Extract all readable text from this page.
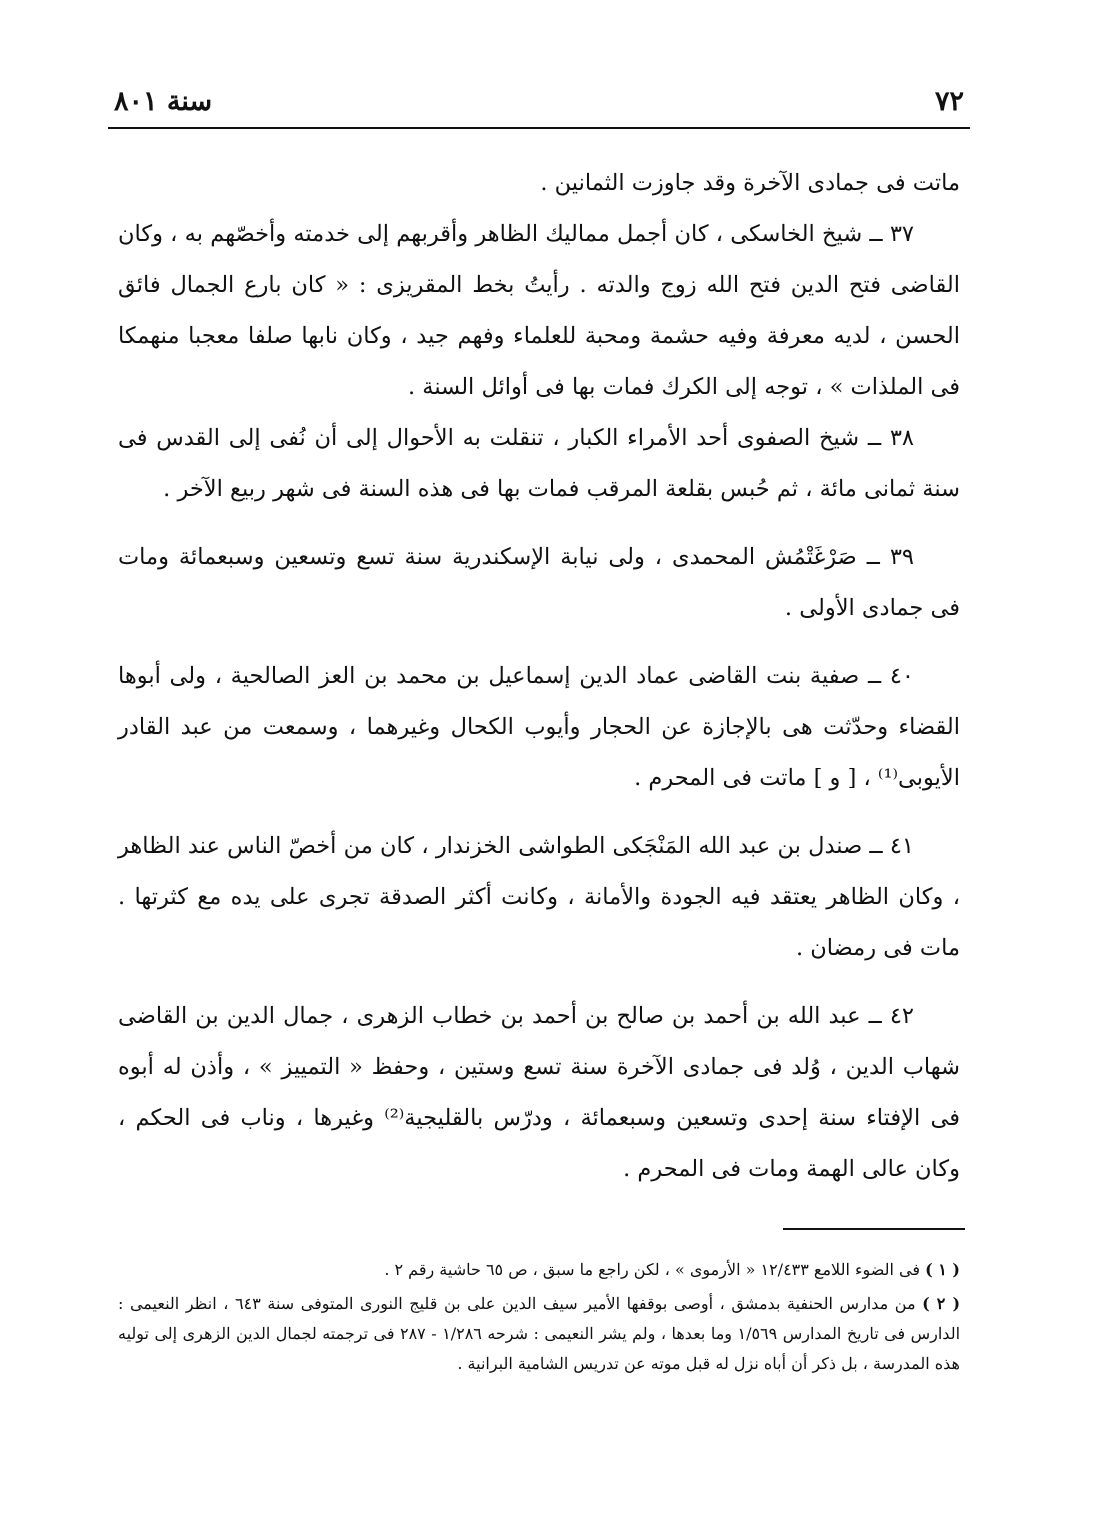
٧٢
سنة ٨٠١

ماتت فى جمادى الآخرة وقد جاوزت الثمانين .

٣٧ ــ شيخ الخاسكى ، كان أجمل مماليك الظاهر وأقربهم إلى خدمته وأخصّهم به ، وكان القاضى فتح الدين فتح الله زوج والدته . رأيتُ بخط المقريزى : « كان بارع الجمال فائق الحسن ، لديه معرفة وفيه حشمة ومحبة للعلماء وفهم جيد ، وكان نابها صلفا معجبا منهمكا فى الملذات » ، توجه إلى الكرك فمات بها فى أوائل السنة .

٣٨ ــ شيخ الصفوى أحد الأمراء الكبار ، تنقلت به الأحوال إلى أن نُفى إلى القدس فى سنة ثمانى مائة ، ثم حُبس بقلعة المرقب فمات بها فى هذه السنة فى شهر ربيع الآخر .

٣٩ ــ صَرْغَتْمُش المحمدى ، ولى نيابة الإسكندرية سنة تسع وتسعين وسبعمائة ومات فى جمادى الأولى .

٤٠ ــ صفية بنت القاضى عماد الدين إسماعيل بن محمد بن العز الصالحية ، ولى أبوها القضاء وحدّثت هى بالإجازة عن الحجار وأيوب الكحال وغيرهما ، وسمعت من عبد القادر الأيوبى⁽¹⁾ ، [ و ] ماتت فى المحرم .

٤١ ــ صندل بن عبد الله المَنْجَكى الطواشى الخزندار ، كان من أخصّ الناس عند الظاهر ، وكان الظاهر يعتقد فيه الجودة والأمانة ، وكانت أكثر الصدقة تجرى على يده مع كثرتها . مات فى رمضان .

٤٢ ــ عبد الله بن أحمد بن صالح بن أحمد بن خطاب الزهرى ، جمال الدين بن القاضى شهاب الدين ، وُلد فى جمادى الآخرة سنة تسع وستين ، وحفظ « التمييز » ، وأذن له أبوه فى الإفتاء سنة إحدى وتسعين وسبعمائة ، ودرّس بالقليجية⁽²⁾ وغيرها ، وناب فى الحكم ، وكان عالى الهمة ومات فى المحرم .

( ١ ) فى الضوء اللامع ١٢/٤٣٣ « الأرموى » ، لكن راجع ما سبق ، ص ٦٥ حاشية رقم ٢ .

( ٢ ) من مدارس الحنفية بدمشق ، أوصى بوقفها الأمير سيف الدين على بن قليج النورى المتوفى سنة ٦٤٣ ، انظر النعيمى : الدارس فى تاريخ المدارس ١/٥٦٩ وما بعدها ، ولم يشر النعيمى : شرحه ١/٢٨٦ - ٢٨٧ فى ترجمته لجمال الدين الزهرى إلى توليه هذه المدرسة ، بل ذكر أن أباه نزل له قبل موته عن تدريس الشامية البرانية .
